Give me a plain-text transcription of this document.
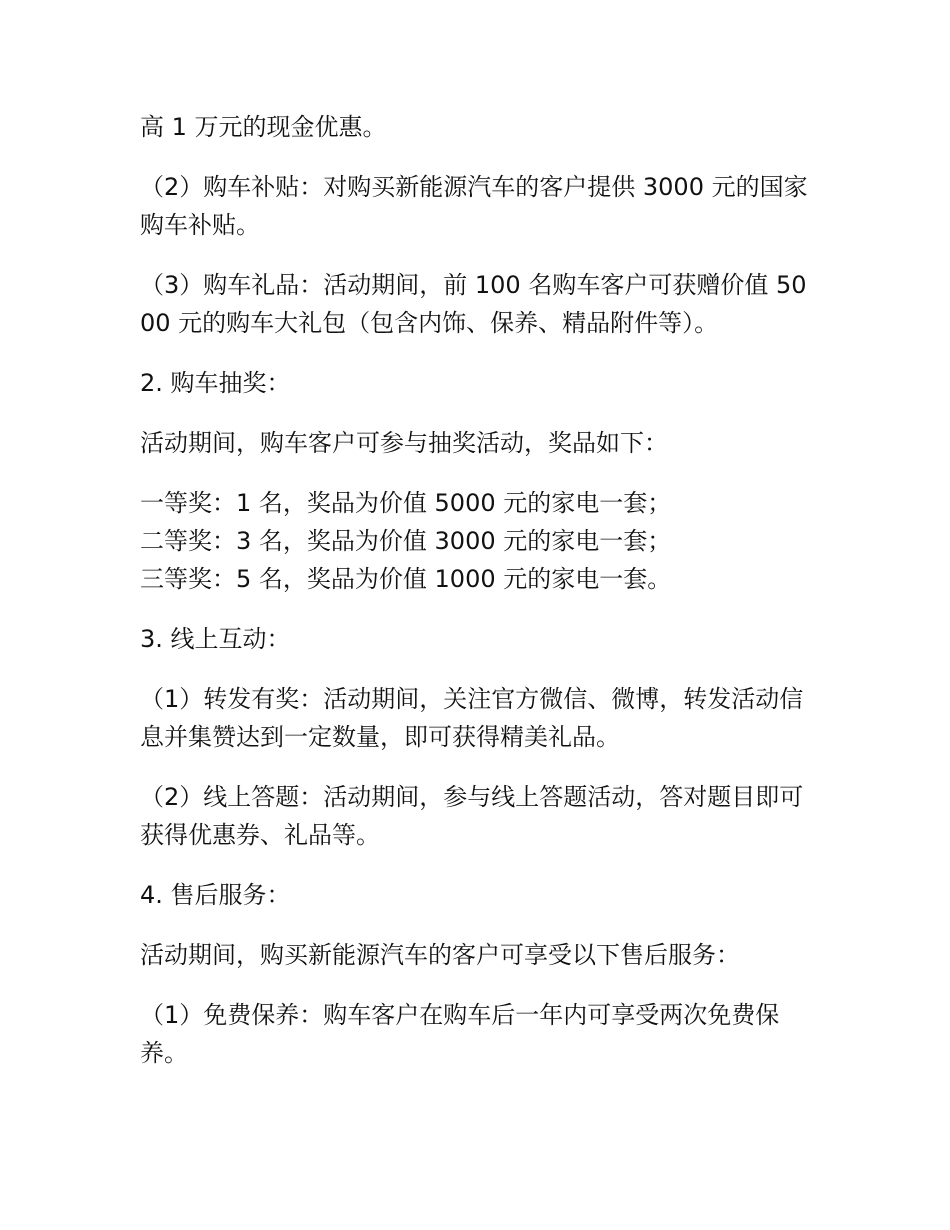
高 1 万元的现金优惠。

（2）购车补贴：对购买新能源汽车的客户提供 3000 元的国家购车补贴。

（3）购车礼品：活动期间，前 100 名购车客户可获赠价值 5000 元的购车大礼包（包含内饰、保养、精品附件等）。

2. 购车抽奖：

活动期间，购车客户可参与抽奖活动，奖品如下：

一等奖：1 名，奖品为价值 5000 元的家电一套；

二等奖：3 名，奖品为价值 3000 元的家电一套；

三等奖：5 名，奖品为价值 1000 元的家电一套。

3. 线上互动：

（1）转发有奖：活动期间，关注官方微信、微博，转发活动信息并集赞达到一定数量，即可获得精美礼品。

（2）线上答题：活动期间，参与线上答题活动，答对题目即可获得优惠券、礼品等。

4. 售后服务：

活动期间，购买新能源汽车的客户可享受以下售后服务：

（1）免费保养：购车客户在购车后一年内可享受两次免费保养。
